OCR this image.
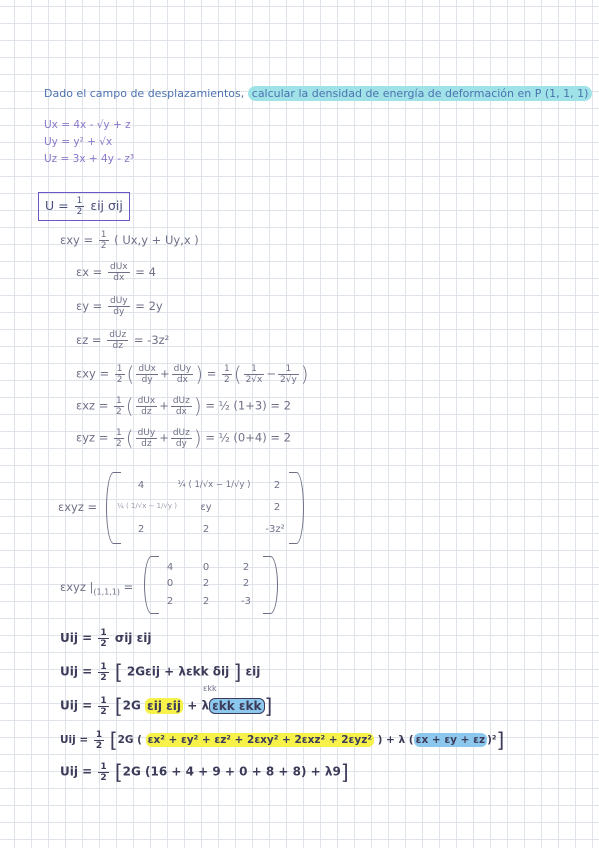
Dado el campo de desplazamientos, calcular la densidad de energía de deformación en P (1, 1, 1)
Ux = 4x - √y + z
Uy = y² + √x
Uz = 3x + 4y - z³
$U = \frac{1}{2}$ εij σij
$\varepsilon xy = \frac{1}{2}$ ( Ux,y + Uy,x )
$\varepsilon x = \frac{\text{dUx}}{dx} = 4$
$\varepsilon y = \frac{\text{dUy}}{dy} = 2y$
$\varepsilon z = \frac{\text{dUz}}{dz} = -3z^2$
$\varepsilon xy = \frac{1}{2}$ ( $\frac{\text{dUx}}{dy} + \frac{\text{dUy}}{dx}$ ) = $\frac{1}{2}$ ( $\frac{1}{2√x} - \frac{1}{2√y}$ )
$\varepsilon xz = \frac{1}{2}$ ( $\frac{\text{dUx}}{dz} + \frac{\text{dUz}}{dx}$ ) = ½ (1+3) = 2
$\varepsilon yz = \frac{1}{2}$ ( $\frac{\text{dUy}}{dz} + \frac{\text{dUz}}{dy}$ ) = ½ (0+4) = 2
εxyz =
4	¼ ( 1/√x − 1/√y )	2
¼ ( 1/√x − 1/√y )	εy	2
2	2	-3z²
εxyz $|_{(1,1,1)}$ =
4	0	2
0	2	2
2	2	-3
Uij = $\frac{1}{2}$ σij εij
Uij = $\frac{1}{2}$ [ 2Gεij + λεkk δij ] εij
εkk
Uij = $\frac{1}{2} [2G$ εij εij + λ εkk εkk ]
Uij = $\frac{1}{2} [2G$ ( εx² + εy² + εz² + 2εxy² + 2εxz² + 2εyz² ) + λ ( εx + εy + εz )²]
Uij = $\frac{1}{2} [2G$ (16 + 4 + 9 + 0 + 8 + 8) + λ9]
